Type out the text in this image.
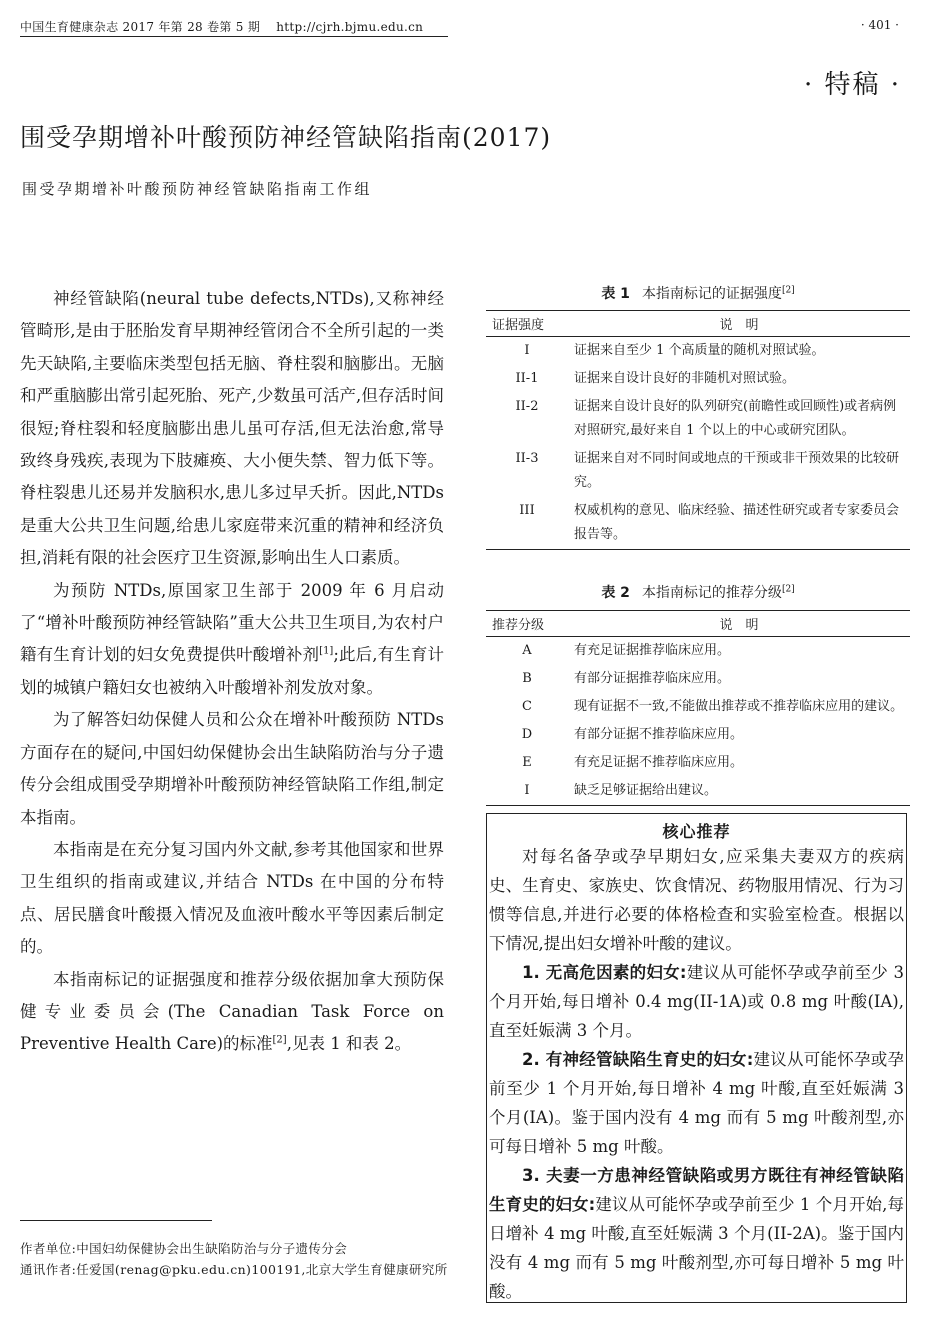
中国生育健康杂志 2017 年第 28 卷第 5 期 http://cjrh.bjmu.edu.cn	· 401 ·
· 特稿 ·
围受孕期增补叶酸预防神经管缺陷指南(2017)
围受孕期增补叶酸预防神经管缺陷指南工作组

神经管缺陷(neural tube defects,NTDs),又称神经管畸形,是由于胚胎发育早期神经管闭合不全所引起的一类先天缺陷,主要临床类型包括无脑、脊柱裂和脑膨出。无脑和严重脑膨出常引起死胎、死产,少数虽可活产,但存活时间很短;脊柱裂和轻度脑膨出患儿虽可存活,但无法治愈,常导致终身残疾,表现为下肢瘫痪、大小便失禁、智力低下等。脊柱裂患儿还易并发脑积水,患儿多过早夭折。因此,NTDs是重大公共卫生问题,给患儿家庭带来沉重的精神和经济负担,消耗有限的社会医疗卫生资源,影响出生人口素质。

为预防 NTDs,原国家卫生部于 2009 年 6 月启动了“增补叶酸预防神经管缺陷”重大公共卫生项目,为农村户籍有生育计划的妇女免费提供叶酸增补剂[1];此后,有生育计划的城镇户籍妇女也被纳入叶酸增补剂发放对象。

为了解答妇幼保健人员和公众在增补叶酸预防 NTDs 方面存在的疑问,中国妇幼保健协会出生缺陷防治与分子遗传分会组成围受孕期增补叶酸预防神经管缺陷工作组,制定本指南。

本指南是在充分复习国内外文献,参考其他国家和世界卫生组织的指南或建议,并结合 NTDs 在中国的分布特点、居民膳食叶酸摄入情况及血液叶酸水平等因素后制定的。

本指南标记的证据强度和推荐分级依据加拿大预防保健专业委员会(The Canadian Task Force on Preventive Health Care)的标准[2],见表 1 和表 2。

作者单位:中国妇幼保健协会出生缺陷防治与分子遗传分会
通讯作者:任爱国(renag@pku.edu.cn)100191,北京大学生育健康研究所
表 1 本指南标记的证据强度[2]
证据强度	说　明
I	证据来自至少 1 个高质量的随机对照试验。
II-1	证据来自设计良好的非随机对照试验。
II-2	证据来自设计良好的队列研究(前瞻性或回顾性)或者病例对照研究,最好来自 1 个以上的中心或研究团队。
II-3	证据来自对不同时间或地点的干预或非干预效果的比较研究。
III	权威机构的意见、临床经验、描述性研究或者专家委员会报告等。
表 2 本指南标记的推荐分级[2]
推荐分级	说　明
A	有充足证据推荐临床应用。
B	有部分证据推荐临床应用。
C	现有证据不一致,不能做出推荐或不推荐临床应用的建议。
D	有部分证据不推荐临床应用。
E	有充足证据不推荐临床应用。
I	缺乏足够证据给出建议。
核心推荐

对每名备孕或孕早期妇女,应采集夫妻双方的疾病史、生育史、家族史、饮食情况、药物服用情况、行为习惯等信息,并进行必要的体格检查和实验室检查。根据以下情况,提出妇女增补叶酸的建议。

1. 无高危因素的妇女:建议从可能怀孕或孕前至少 3 个月开始,每日增补 0.4 mg(II-1A)或 0.8 mg 叶酸(IA),直至妊娠满 3 个月。

2. 有神经管缺陷生育史的妇女:建议从可能怀孕或孕前至少 1 个月开始,每日增补 4 mg 叶酸,直至妊娠满 3 个月(IA)。鉴于国内没有 4 mg 而有 5 mg 叶酸剂型,亦可每日增补 5 mg 叶酸。

3. 夫妻一方患神经管缺陷或男方既往有神经管缺陷生育史的妇女:建议从可能怀孕或孕前至少 1 个月开始,每日增补 4 mg 叶酸,直至妊娠满 3 个月(II-2A)。鉴于国内没有 4 mg 而有 5 mg 叶酸剂型,亦可每日增补 5 mg 叶酸。
